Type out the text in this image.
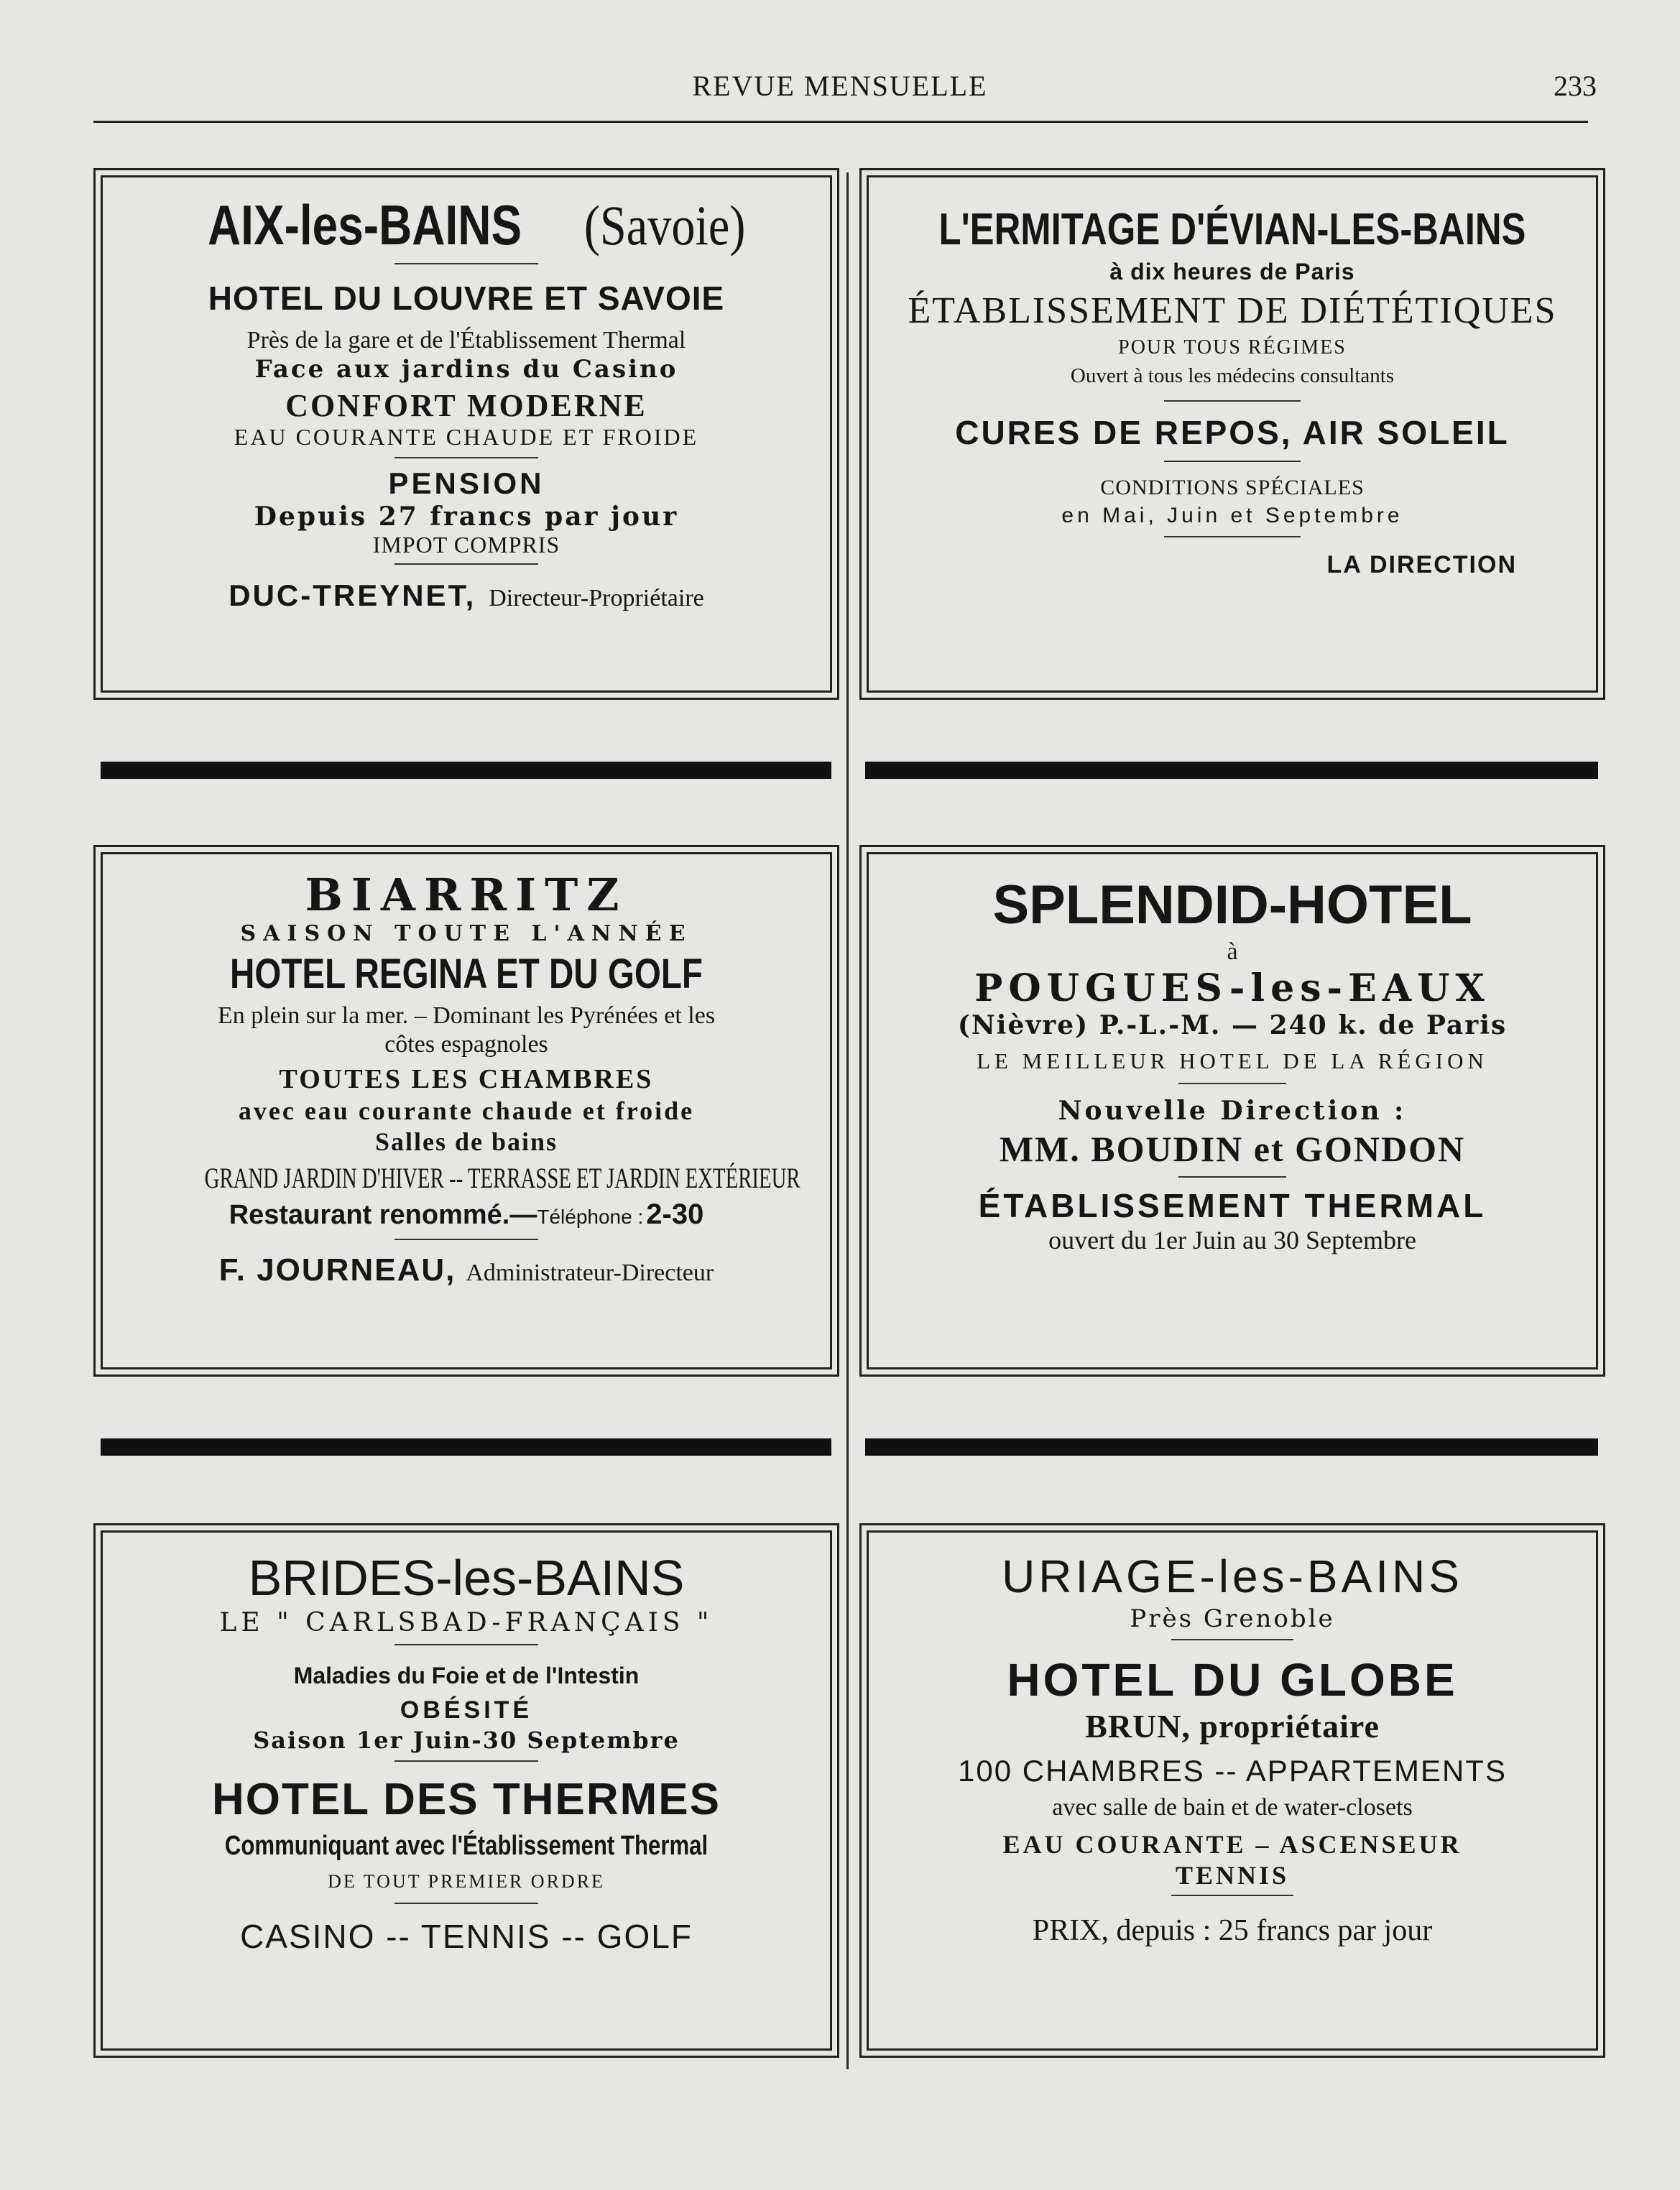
REVUE MENSUELLE	233
AIX-les-BAINS (Savoie)
HOTEL DU LOUVRE ET SAVOIE
Près de la gare et de l'Établissement Thermal
Face aux jardins du Casino
CONFORT MODERNE
EAU COURANTE CHAUDE ET FROIDE
PENSION
Depuis 27 francs par jour
IMPOT COMPRIS
DUC-TREYNET, Directeur-Propriétaire
L'ERMITAGE D'ÉVIAN-LES-BAINS
à dix heures de Paris
ÉTABLISSEMENT DE DIÉTÉTIQUES
POUR TOUS RÉGIMES
Ouvert à tous les médecins consultants
CURES DE REPOS, AIR SOLEIL
CONDITIONS SPÉCIALES
en Mai, Juin et Septembre
LA DIRECTION
BIARRITZ
SAISON TOUTE L'ANNÉE
HOTEL REGINA ET DU GOLF
En plein sur la mer. – Dominant les Pyrénées et les
côtes espagnoles
TOUTES LES CHAMBRES
avec eau courante chaude et froide
Salles de bains
GRAND JARDIN D'HIVER -- TERRASSE ET JARDIN EXTÉRIEUR
Restaurant renommé.—Téléphone : 2-30
F. JOURNEAU, Administrateur-Directeur
SPLENDID-HOTEL
à
POUGUES-les-EAUX
(Nièvre) P.-L.-M. — 240 k. de Paris
LE MEILLEUR HOTEL DE LA RÉGION
Nouvelle Direction :
MM. BOUDIN et GONDON
ÉTABLISSEMENT THERMAL
ouvert du 1er Juin au 30 Septembre
BRIDES-les-BAINS
LE " CARLSBAD-FRANÇAIS "
Maladies du Foie et de l'Intestin
OBÉSITÉ
Saison 1er Juin-30 Septembre
HOTEL DES THERMES
Communiquant avec l'Établissement Thermal
DE TOUT PREMIER ORDRE
CASINO -- TENNIS -- GOLF
URIAGE-les-BAINS
Près Grenoble
HOTEL DU GLOBE
BRUN, propriétaire
100 CHAMBRES -- APPARTEMENTS
avec salle de bain et de water-closets
EAU COURANTE – ASCENSEUR
TENNIS
PRIX, depuis : 25 francs par jour
